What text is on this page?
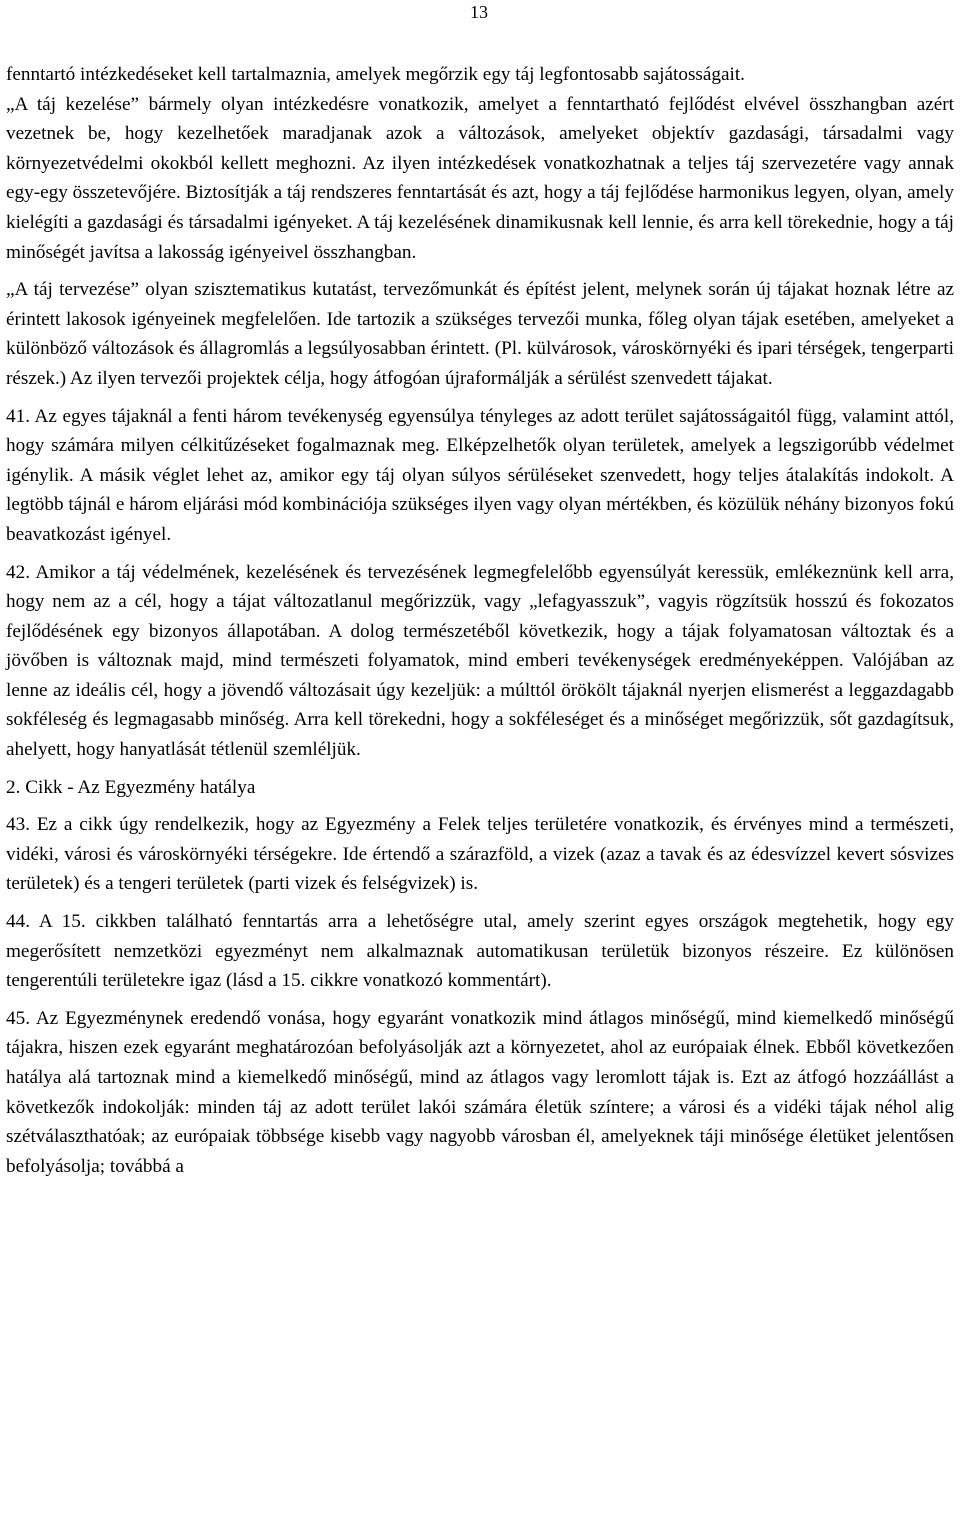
13

fenntartó intézkedéseket kell tartalmaznia, amelyek megőrzik egy táj legfontosabb sajátosságait.

„A táj kezelése” bármely olyan intézkedésre vonatkozik, amelyet a fenntartható fejlődést elvével összhangban azért vezetnek be, hogy kezelhetőek maradjanak azok a változások, amelyeket objektív gazdasági, társadalmi vagy környezetvédelmi okokból kellett meghozni. Az ilyen intézkedések vonatkozhatnak a teljes táj szervezetére vagy annak egy-egy összetevőjére. Biztosítják a táj rendszeres fenntartását és azt, hogy a táj fejlődése harmonikus legyen, olyan, amely kielégíti a gazdasági és társadalmi igényeket. A táj kezelésének dinamikusnak kell lennie, és arra kell törekednie, hogy a táj minőségét javítsa a lakosság igényeivel összhangban.

„A táj tervezése” olyan szisztematikus kutatást, tervezőmunkát és építést jelent, melynek során új tájakat hoznak létre az érintett lakosok igényeinek megfelelően. Ide tartozik a szükséges tervezői munka, főleg olyan tájak esetében, amelyeket a különböző változások és állagromlás a legsúlyosabban érintett. (Pl. külvárosok, városkörnyéki és ipari térségek, tengerparti részek.) Az ilyen tervezői projektek célja, hogy átfogóan újraformálják a sérülést szenvedett tájakat.

41. Az egyes tájaknál a fenti három tevékenység egyensúlya tényleges az adott terület sajátosságaitól függ, valamint attól, hogy számára milyen célkitűzéseket fogalmaznak meg. Elképzelhetők olyan területek, amelyek a legszigorúbb védelmet igénylik. A másik véglet lehet az, amikor egy táj olyan súlyos sérüléseket szenvedett, hogy teljes átalakítás indokolt. A legtöbb tájnál e három eljárási mód kombinációja szükséges ilyen vagy olyan mértékben, és közülük néhány bizonyos fokú beavatkozást igényel.

42. Amikor a táj védelmének, kezelésének és tervezésének legmegfelelőbb egyensúlyát keressük, emlékeznünk kell arra, hogy nem az a cél, hogy a tájat változatlanul megőrizzük, vagy „lefagyasszuk”, vagyis rögzítsük hosszú és fokozatos fejlődésének egy bizonyos állapotában. A dolog természetéből következik, hogy a tájak folyamatosan változtak és a jövőben is változnak majd, mind természeti folyamatok, mind emberi tevékenységek eredményeképpen. Valójában az lenne az ideális cél, hogy a jövendő változásait úgy kezeljük: a múlttól örökölt tájaknál nyerjen elismerést a leggazdagabb sokféleség és legmagasabb minőség. Arra kell törekedni, hogy a sokféleséget és a minőséget megőrizzük, sőt gazdagítsuk, ahelyett, hogy hanyatlását tétlenül szemléljük.

2. Cikk - Az Egyezmény hatálya

43. Ez a cikk úgy rendelkezik, hogy az Egyezmény a Felek teljes területére vonatkozik, és érvényes mind a természeti, vidéki, városi és városkörnyéki térségekre. Ide értendő a szárazföld, a vizek (azaz a tavak és az édesvízzel kevert sósvizes területek) és a tengeri területek (parti vizek és felségvizek) is.

44. A 15. cikkben található fenntartás arra a lehetőségre utal, amely szerint egyes országok megtehetik, hogy egy megerősített nemzetközi egyezményt nem alkalmaznak automatikusan területük bizonyos részeire. Ez különösen tengerentúli területekre igaz (lásd a 15. cikkre vonatkozó kommentárt).

45. Az Egyezménynek eredendő vonása, hogy egyaránt vonatkozik mind átlagos minőségű, mind kiemelkedő minőségű tájakra, hiszen ezek egyaránt meghatározóan befolyásolják azt a környezetet, ahol az európaiak élnek. Ebből következően hatálya alá tartoznak mind a kiemelkedő minőségű, mind az átlagos vagy leromlott tájak is. Ezt az átfogó hozzáállást a következők indokolják: minden táj az adott terület lakói számára életük színtere; a városi és a vidéki tájak néhol alig szétválaszthatóak; az európaiak többsége kisebb vagy nagyobb városban él, amelyeknek táji minősége életüket jelentősen befolyásolja; továbbá a
